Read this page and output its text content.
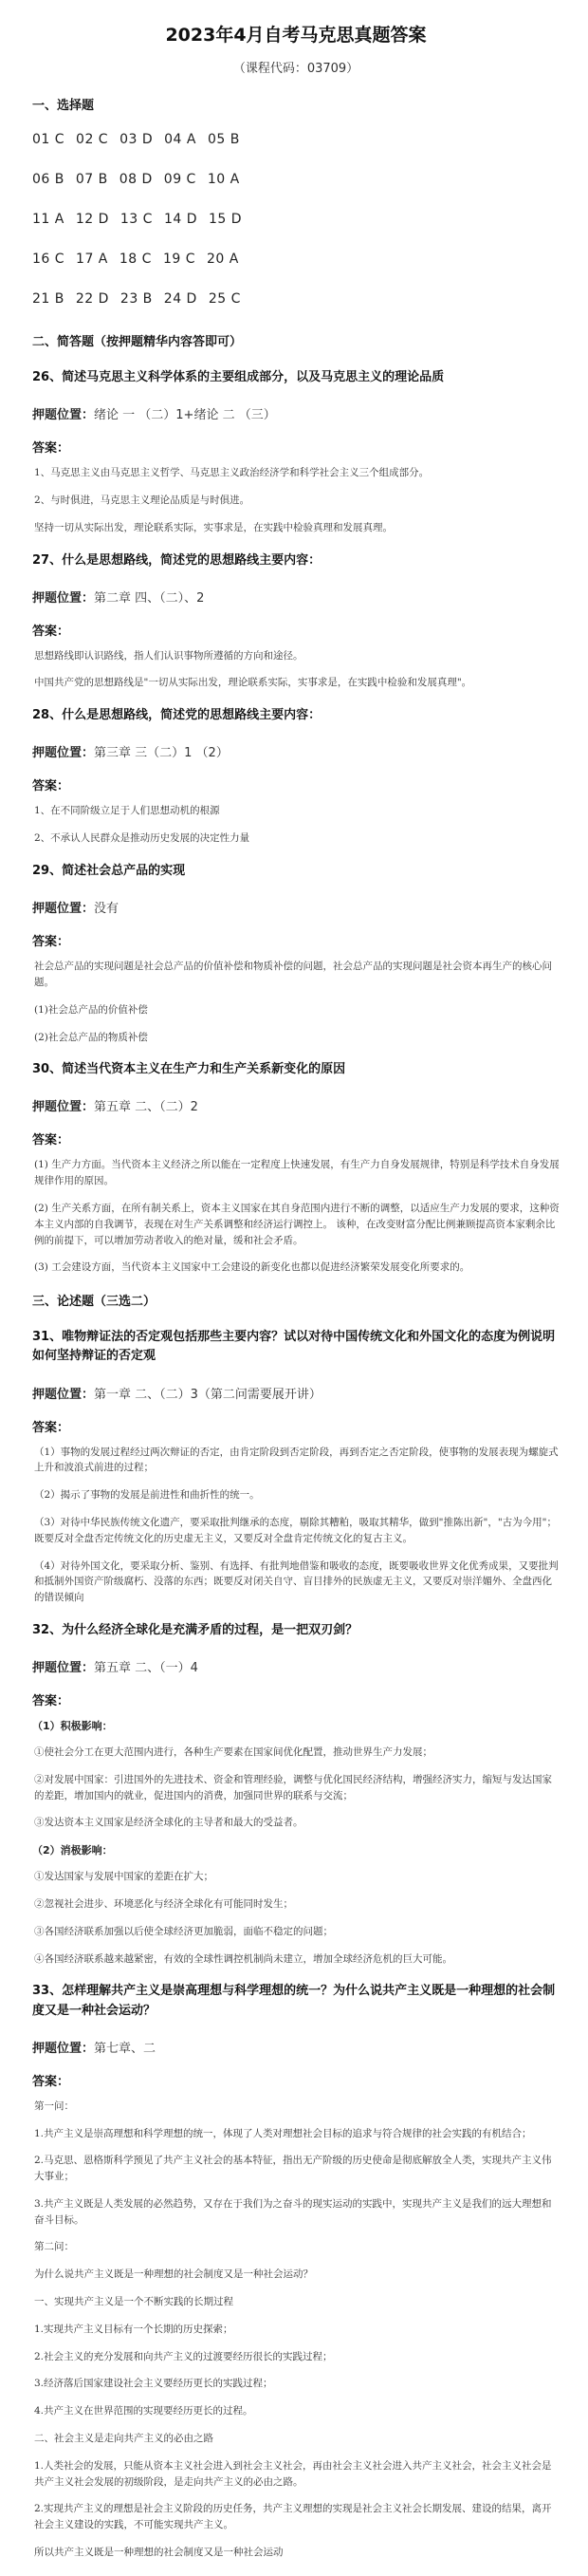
2023年4月自考马克思真题答案
（课程代码：03709）
一、选择题
01 C 02 C 03 D 04 A 05 B
06 B 07 B 08 D 09 C 10 A
11 A 12 D 13 C 14 D 15 D
16 C 17 A 18 C 19 C 20 A
21 B 22 D 23 B 24 D 25 C
二、简答题（按押题精华内容答即可）
26、简述马克思主义科学体系的主要组成部分，以及马克思主义的理论品质
押题位置：绪论 一 （二）1+绪论 二 （三）
答案：
1、马克思主义由马克思主义哲学、马克思主义政治经济学和科学社会主义三个组成部分。
2、与时俱进，马克思主义理论品质是与时俱进。
坚持一切从实际出发，理论联系实际，实事求是，在实践中检验真理和发展真理。
27、什么是思想路线，简述党的思想路线主要内容：
押题位置：第二章 四、（二）、2
答案：
思想路线即认识路线，指人们认识事物所遵循的方向和途径。
中国共产党的思想路线是"一切从实际出发，理论联系实际，实事求是，在实践中检验和发展真理"。
28、什么是思想路线，简述党的思想路线主要内容：
押题位置：第三章 三（二）1 （2）
答案：
1、在不同阶级立足于人们思想动机的根源
2、不承认人民群众是推动历史发展的决定性力量
29、简述社会总产品的实现
押题位置：没有
答案：
社会总产品的实现问题是社会总产品的价值补偿和物质补偿的问题，社会总产品的实现问题是社会资本再生产的核心问题。
(1)社会总产品的价值补偿
(2)社会总产品的物质补偿
30、简述当代资本主义在生产力和生产关系新变化的原因
押题位置：第五章 二、（二）2
答案：
(1) 生产力方面。当代资本主义经济之所以能在一定程度上快速发展，有生产力自身发展规律，特别是科学技术自身发展规律作用的原因。
(2) 生产关系方面，在所有制关系上，资本主义国家在其自身范围内进行不断的调整，以适应生产力发展的要求，这种资本主义内部的自我调节，表现在对生产关系调整和经济运行调控上。 该种，在改变财富分配比例兼顾提高资本家剩余比例的前提下，可以增加劳动者收入的绝对量，缓和社会矛盾。
(3) 工会建设方面，当代资本主义国家中工会建设的新变化也都以促进经济繁荣发展变化所要求的。
三、论述题（三选二）
31、唯物辩证法的否定观包括那些主要内容？试以对待中国传统文化和外国文化的态度为例说明如何坚持辩证的否定观
押题位置：第一章 二、（二）3（第二问需要展开讲）
答案：
（1）事物的发展过程经过两次辩证的否定，由肯定阶段到否定阶段，再到否定之否定阶段，使事物的发展表现为螺旋式上升和波浪式前进的过程；
（2）揭示了事物的发展是前进性和曲折性的统一。
（3）对待中华民族传统文化遗产，要采取批判继承的态度，剔除其糟粕，吸取其精华，做到"推陈出新"，"古为今用"；既要反对全盘否定传统文化的历史虚无主义，又要反对全盘肯定传统文化的复古主义。
（4）对待外国文化，要采取分析、鉴别、有选择、有批判地借鉴和吸收的态度，既要吸收世界文化优秀成果，又要批判和抵制外国资产阶级腐朽、没落的东西；既要反对闭关自守、盲目排外的民族虚无主义，又要反对崇洋媚外、全盘西化的错误倾向
32、为什么经济全球化是充满矛盾的过程，是一把双刃剑？
押题位置：第五章 二、（一）4
答案：
（1）积极影响：
①使社会分工在更大范围内进行，各种生产要素在国家间优化配置，推动世界生产力发展；
②对发展中国家：引进国外的先进技术、资金和管理经验，调整与优化国民经济结构，增强经济实力，缩短与发达国家的差距，增加国内的就业，促进国内的消费，加强同世界的联系与交流；
③发达资本主义国家是经济全球化的主导者和最大的受益者。
（2）消极影响：
①发达国家与发展中国家的差距在扩大；
②忽视社会进步、环境恶化与经济全球化有可能同时发生；
③各国经济联系加强以后使全球经济更加脆弱，面临不稳定的问题；
④各国经济联系越来越紧密，有效的全球性调控机制尚未建立，增加全球经济危机的巨大可能。
33、怎样理解共产主义是崇高理想与科学理想的统一？为什么说共产主义既是一种理想的社会制度又是一种社会运动？
押题位置：第七章、二
答案：
第一问：
1.共产主义是崇高理想和科学理想的统一，体现了人类对理想社会目标的追求与符合规律的社会实践的有机结合；
2.马克思、恩格斯科学预见了共产主义社会的基本特征，指出无产阶级的历史使命是彻底解放全人类，实现共产主义伟大事业；
3.共产主义既是人类发展的必然趋势，又存在于我们为之奋斗的现实运动的实践中，实现共产主义是我们的远大理想和奋斗目标。
第二问：
为什么说共产主义既是一种理想的社会制度又是一种社会运动？
一、实现共产主义是一个不断实践的长期过程
1.实现共产主义目标有一个长期的历史探索；
2.社会主义的充分发展和向共产主义的过渡要经历很长的实践过程；
3.经济落后国家建设社会主义要经历更长的实践过程；
4.共产主义在世界范围的实现要经历更长的过程。
二、社会主义是走向共产主义的必由之路
1.人类社会的发展，只能从资本主义社会进入到社会主义社会，再由社会主义社会进入共产主义社会，社会主义社会是共产主义社会发展的初级阶段，是走向共产主义的必由之路。
2.实现共产主义的理想是社会主义阶段的历史任务，共产主义理想的实现是社会主义社会长期发展、建设的结果，离开社会主义建设的实践，不可能实现共产主义。
所以共产主义既是一种理想的社会制度又是一种社会运动
